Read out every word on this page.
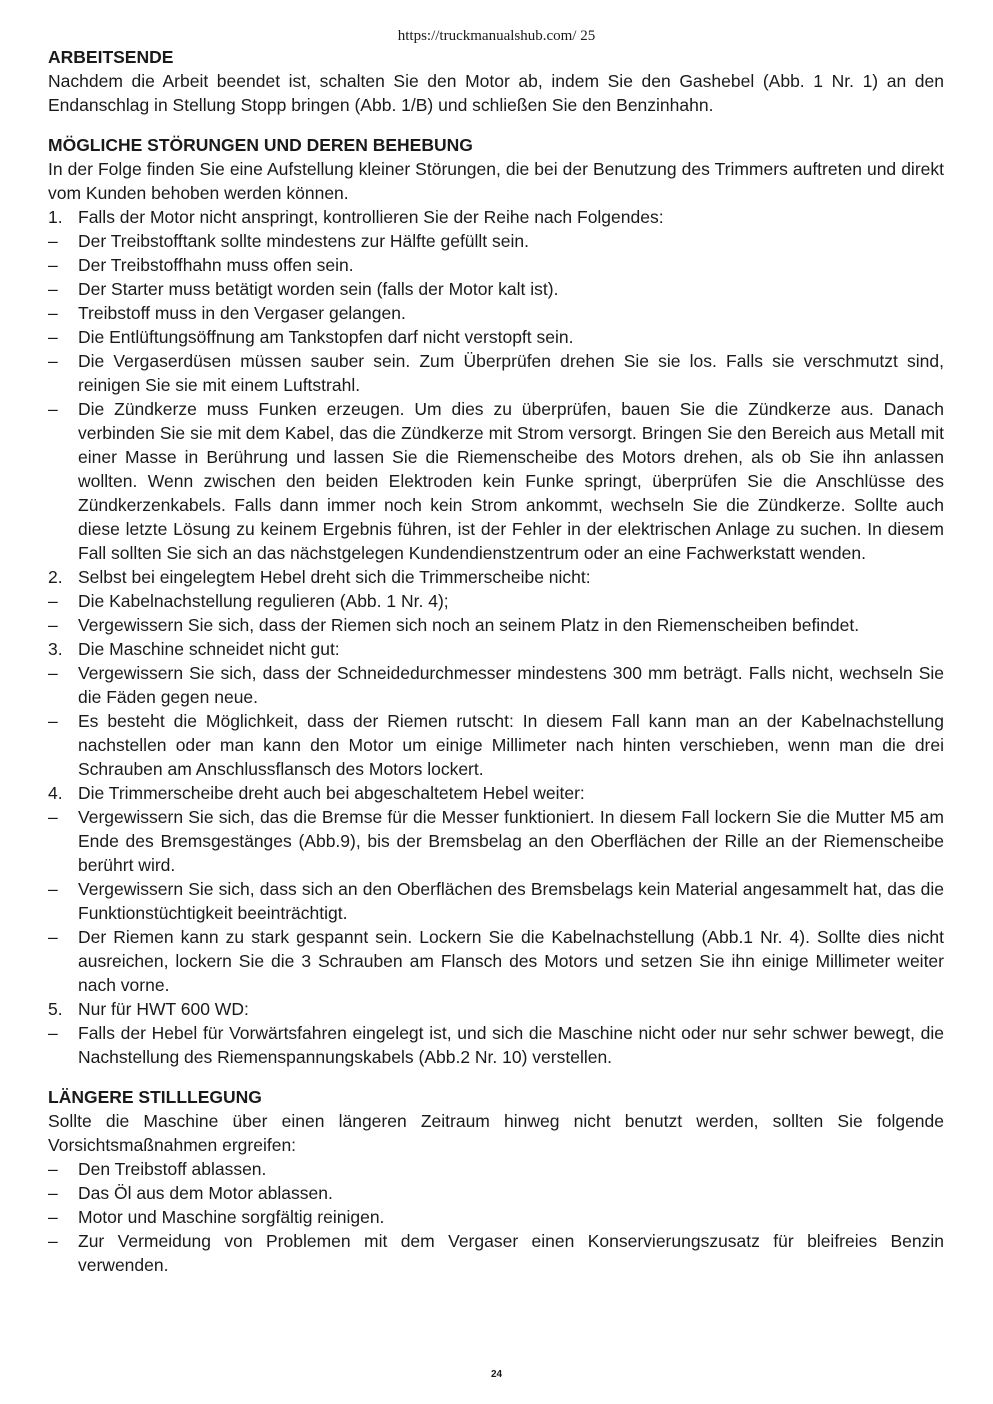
https://truckmanualshub.com/ 25
ARBEITSENDE

Nachdem die Arbeit beendet ist, schalten Sie den Motor ab, indem Sie den Gashebel (Abb. 1 Nr. 1) an den Endanschlag in Stellung Stopp bringen (Abb. 1/B) und schließen Sie den Benzinhahn.

MÖGLICHE STÖRUNGEN UND DEREN BEHEBUNG

In der Folge finden Sie eine Aufstellung kleiner Störungen, die bei der Benutzung des Trimmers auftreten und direkt vom Kunden behoben werden können.

1. Falls der Motor nicht anspringt, kontrollieren Sie der Reihe nach Folgendes:
– Der Treibstofftank sollte mindestens zur Hälfte gefüllt sein.
– Der Treibstoffhahn muss offen sein.
– Der Starter muss betätigt worden sein (falls der Motor kalt ist).
– Treibstoff muss in den Vergaser gelangen.
– Die Entlüftungsöffnung am Tankstopfen darf nicht verstopft sein.
– Die Vergaserdüsen müssen sauber sein. Zum Überprüfen drehen Sie sie los. Falls sie verschmutzt sind, reinigen Sie sie mit einem Luftstrahl.
– Die Zündkerze muss Funken erzeugen. Um dies zu überprüfen, bauen Sie die Zündkerze aus. Danach verbinden Sie sie mit dem Kabel, das die Zündkerze mit Strom versorgt. Bringen Sie den Bereich aus Metall mit einer Masse in Berührung und lassen Sie die Riemenscheibe des Motors drehen, als ob Sie ihn anlassen wollten. Wenn zwischen den beiden Elektroden kein Funke springt, überprüfen Sie die Anschlüsse des Zündkerzenkabels. Falls dann immer noch kein Strom ankommt, wechseln Sie die Zündkerze. Sollte auch diese letzte Lösung zu keinem Ergebnis führen, ist der Fehler in der elektrischen Anlage zu suchen. In diesem Fall sollten Sie sich an das nächstgelegen Kundendienstzentrum oder an eine Fachwerkstatt wenden.
2. Selbst bei eingelegtem Hebel dreht sich die Trimmerscheibe nicht:
– Die Kabelnachstellung regulieren (Abb. 1 Nr. 4);
– Vergewissern Sie sich, dass der Riemen sich noch an seinem Platz in den Riemenscheiben befindet.
3. Die Maschine schneidet nicht gut:
– Vergewissern Sie sich, dass der Schneidedurchmesser mindestens 300 mm beträgt. Falls nicht, wechseln Sie die Fäden gegen neue.
– Es besteht die Möglichkeit, dass der Riemen rutscht: In diesem Fall kann man an der Kabelnachstellung nachstellen oder man kann den Motor um einige Millimeter nach hinten verschieben, wenn man die drei Schrauben am Anschlussflansch des Motors lockert.
4. Die Trimmerscheibe dreht auch bei abgeschaltetem Hebel weiter:
– Vergewissern Sie sich, das die Bremse für die Messer funktioniert. In diesem Fall lockern Sie die Mutter M5 am Ende des Bremsgestänges (Abb.9), bis der Bremsbelag an den Oberflächen der Rille an der Riemenscheibe berührt wird.
– Vergewissern Sie sich, dass sich an den Oberflächen des Bremsbelags kein Material angesammelt hat, das die Funktionstüchtigkeit beeinträchtigt.
– Der Riemen kann zu stark gespannt sein. Lockern Sie die Kabelnachstellung (Abb.1 Nr. 4). Sollte dies nicht ausreichen, lockern Sie die 3 Schrauben am Flansch des Motors und setzen Sie ihn einige Millimeter weiter nach vorne.
5. Nur für HWT 600 WD:
– Falls der Hebel für Vorwärtsfahren eingelegt ist, und sich die Maschine nicht oder nur sehr schwer bewegt, die Nachstellung des Riemenspannungskabels (Abb.2 Nr. 10) verstellen.
LÄNGERE STILLLEGUNG

Sollte die Maschine über einen längeren Zeitraum hinweg nicht benutzt werden, sollten Sie folgende Vorsichtsmaßnahmen ergreifen:

– Den Treibstoff ablassen.
– Das Öl aus dem Motor ablassen.
– Motor und Maschine sorgfältig reinigen.
– Zur Vermeidung von Problemen mit dem Vergaser einen Konservierungszusatz für bleifreies Benzin verwenden.
24
